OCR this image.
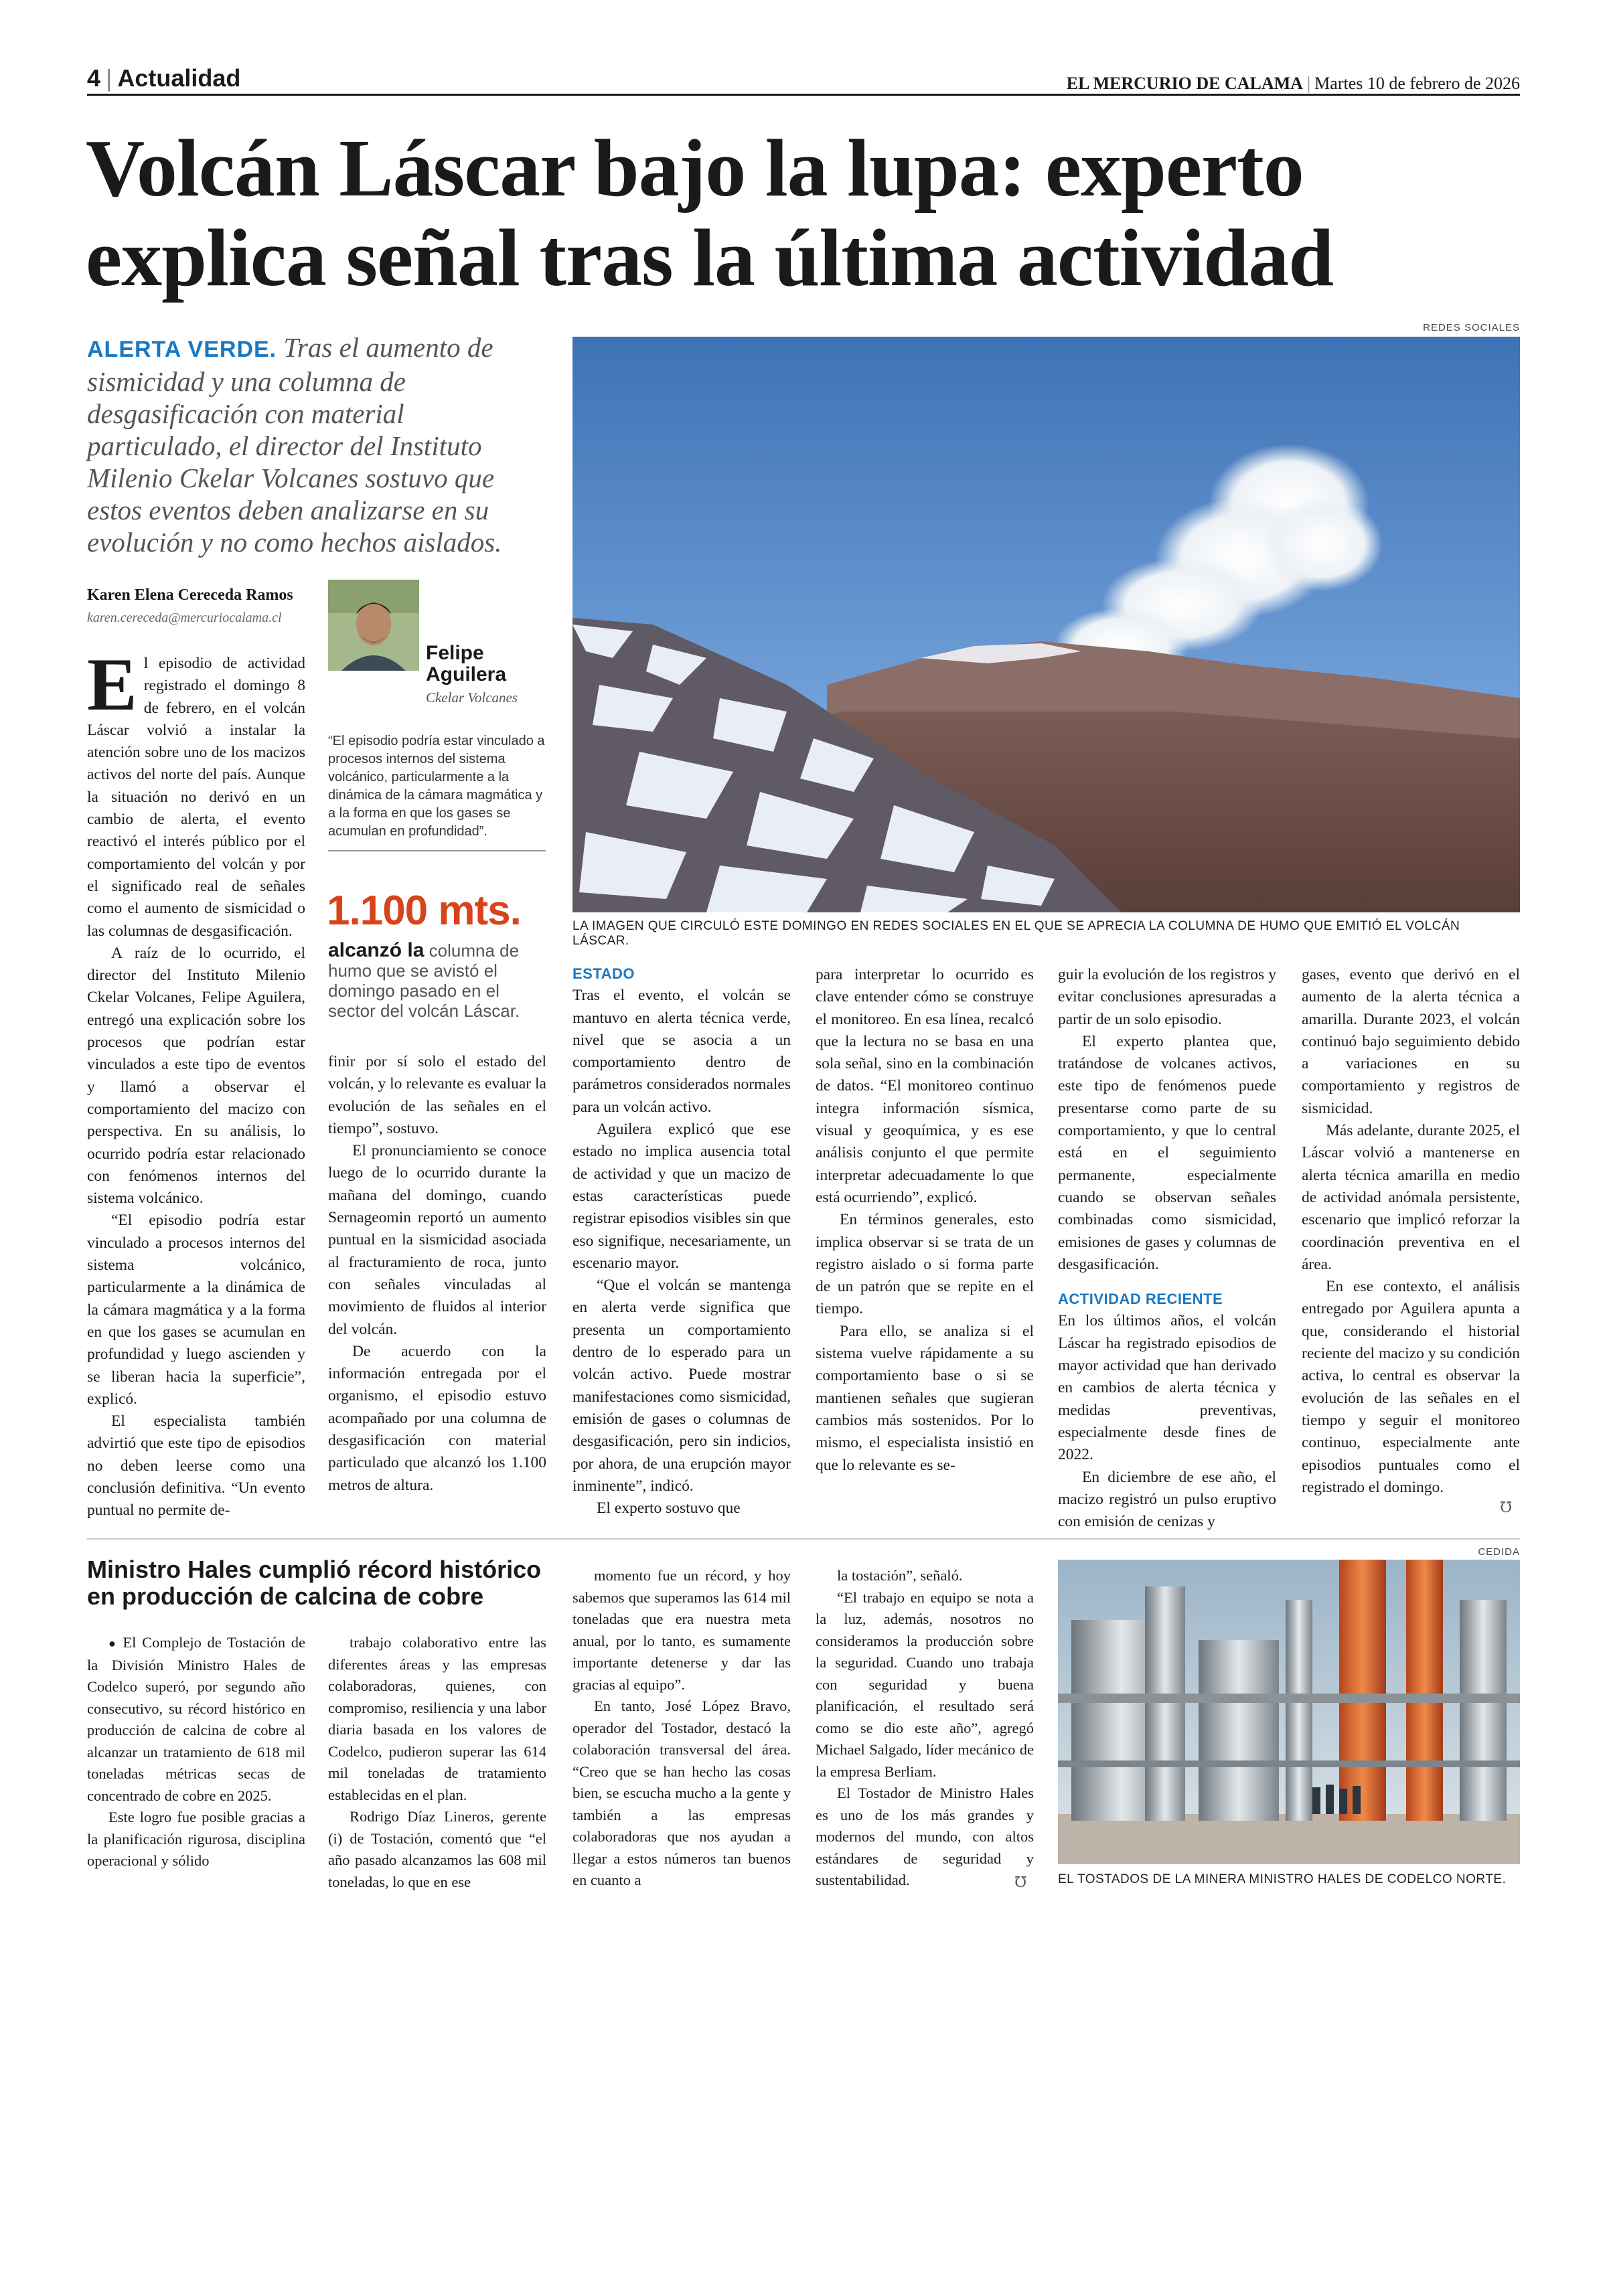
4 | Actualidad	EL MERCURIO DE CALAMA | Martes 10 de febrero de 2026
Volcán Láscar bajo la lupa: experto
explica señal tras la última actividad
ALERTA VERDE. Tras el aumento de sismicidad y una columna de desgasificación con material particulado, el director del Instituto Milenio Ckelar Volcanes sostuvo que estos eventos deben analizarse en su evolución y no como hechos aislados.
REDES SOCIALES
LA IMAGEN QUE CIRCULÓ ESTE DOMINGO EN REDES SOCIALES EN EL QUE SE APRECIA LA COLUMNA DE HUMO QUE EMITIÓ EL VOLCÁN LÁSCAR.
Karen Elena Cereceda Ramos
karen.cereceda@mercuriocalama.cl
Felipe Aguilera
Ckelar Volcanes
“El episodio podría estar vinculado a procesos internos del sistema volcánico, particularmente a la dinámica de la cámara magmática y a la forma en que los gases se acumulan en profundidad”.
1.100 mts.
alcanzó la columna de humo que se avistó el domingo pasado en el sector del volcán Láscar.

El episodio de actividad registrado el domingo 8 de febrero, en el volcán Láscar volvió a instalar la atención sobre uno de los macizos activos del norte del país. Aunque la situación no derivó en un cambio de alerta, el evento reactivó el interés público por el comportamiento del volcán y por el significado real de señales como el aumento de sismicidad o las columnas de desgasificación.

A raíz de lo ocurrido, el director del Instituto Milenio Ckelar Volcanes, Felipe Aguilera, entregó una explicación sobre los procesos que podrían estar vinculados a este tipo de eventos y llamó a observar el comportamiento del macizo con perspectiva. En su análisis, lo ocurrido podría estar relacionado con fenómenos internos del sistema volcánico.

“El episodio podría estar vinculado a procesos internos del sistema volcánico, particularmente a la dinámica de la cámara magmática y a la forma en que los gases se acumulan en profundidad y luego ascienden y se liberan hacia la superficie”, explicó.

El especialista también advirtió que este tipo de episodios no deben leerse como una conclusión definitiva. “Un evento puntual no permite de-

finir por sí solo el estado del volcán, y lo relevante es evaluar la evolución de las señales en el tiempo”, sostuvo.

El pronunciamiento se conoce luego de lo ocurrido durante la mañana del domingo, cuando Sernageomin reportó un aumento puntual en la sismicidad asociada al fracturamiento de roca, junto con señales vinculadas al movimiento de fluidos al interior del volcán.

De acuerdo con la información entregada por el organismo, el episodio estuvo acompañado por una columna de desgasificación con material particulado que alcanzó los 1.100 metros de altura.

ESTADO

Tras el evento, el volcán se mantuvo en alerta técnica verde, nivel que se asocia a un comportamiento dentro de parámetros considerados normales para un volcán activo.

Aguilera explicó que ese estado no implica ausencia total de actividad y que un macizo de estas características puede registrar episodios visibles sin que eso signifique, necesariamente, un escenario mayor.

“Que el volcán se mantenga en alerta verde significa que presenta un comportamiento dentro de lo esperado para un volcán activo. Puede mostrar manifestaciones como sismicidad, emisión de gases o columnas de desgasificación, pero sin indicios, por ahora, de una erupción mayor inminente”, indicó.

El experto sostuvo que

para interpretar lo ocurrido es clave entender cómo se construye el monitoreo. En esa línea, recalcó que la lectura no se basa en una sola señal, sino en la combinación de datos. “El monitoreo continuo integra información sísmica, visual y geoquímica, y es ese análisis conjunto el que permite interpretar adecuadamente lo que está ocurriendo”, explicó.

En términos generales, esto implica observar si se trata de un registro aislado o si forma parte de un patrón que se repite en el tiempo.

Para ello, se analiza si el sistema vuelve rápidamente a su comportamiento base o si se mantienen señales que sugieran cambios más sostenidos. Por lo mismo, el especialista insistió en que lo relevante es se-

guir la evolución de los registros y evitar conclusiones apresuradas a partir de un solo episodio.

El experto plantea que, tratándose de volcanes activos, este tipo de fenómenos puede presentarse como parte de su comportamiento, y que lo central está en el seguimiento permanente, especialmente cuando se observan señales combinadas como sismicidad, emisiones de gases y columnas de desgasificación.

ACTIVIDAD RECIENTE

En los últimos años, el volcán Láscar ha registrado episodios de mayor actividad que han derivado en cambios de alerta técnica y medidas preventivas, especialmente desde fines de 2022.

En diciembre de ese año, el macizo registró un pulso eruptivo con emisión de cenizas y

gases, evento que derivó en el aumento de la alerta técnica a amarilla. Durante 2023, el volcán continuó bajo seguimiento debido a variaciones en su comportamiento y registros de sismicidad.

Más adelante, durante 2025, el Láscar volvió a mantenerse en alerta técnica amarilla en medio de actividad anómala persistente, escenario que implicó reforzar la coordinación preventiva en el área.

En ese contexto, el análisis entregado por Aguilera apunta a que, considerando el historial reciente del macizo y su condición activa, lo central es observar la evolución de las señales en el tiempo y seguir el monitoreo continuo, especialmente ante episodios puntuales como el registrado el domingo.

℧
Ministro Hales cumplió récord histórico en producción de calcina de cobre

● El Complejo de Tostación de la División Ministro Hales de Codelco superó, por segundo año consecutivo, su récord histórico en producción de calcina de cobre al alcanzar un tratamiento de 618 mil toneladas métricas secas de concentrado de cobre en 2025.

Este logro fue posible gracias a la planificación rigurosa, disciplina operacional y sólido

trabajo colaborativo entre las diferentes áreas y las empresas colaboradoras, quienes, con compromiso, resiliencia y una labor diaria basada en los valores de Codelco, pudieron superar las 614 mil toneladas de tratamiento establecidas en el plan.

Rodrigo Díaz Lineros, gerente (i) de Tostación, comentó que “el año pasado alcanzamos las 608 mil toneladas, lo que en ese

momento fue un récord, y hoy sabemos que superamos las 614 mil toneladas que era nuestra meta anual, por lo tanto, es sumamente importante detenerse y dar las gracias al equipo”.

En tanto, José López Bravo, operador del Tostador, destacó la colaboración transversal del área. “Creo que se han hecho las cosas bien, se escucha mucho a la gente y también a las empresas colaboradoras que nos ayudan a llegar a estos números tan buenos en cuanto a

la tostación”, señaló.

“El trabajo en equipo se nota a la luz, además, nosotros no consideramos la producción sobre la seguridad. Cuando uno trabaja con seguridad y buena planificación, el resultado será como se dio este año”, agregó Michael Salgado, líder mecánico de la empresa Berliam.

El Tostador de Ministro Hales es uno de los más grandes y modernos del mundo, con altos estándares de seguridad y sustentabilidad.	℧
CEDIDA
EL TOSTADOS DE LA MINERA MINISTRO HALES DE CODELCO NORTE.
